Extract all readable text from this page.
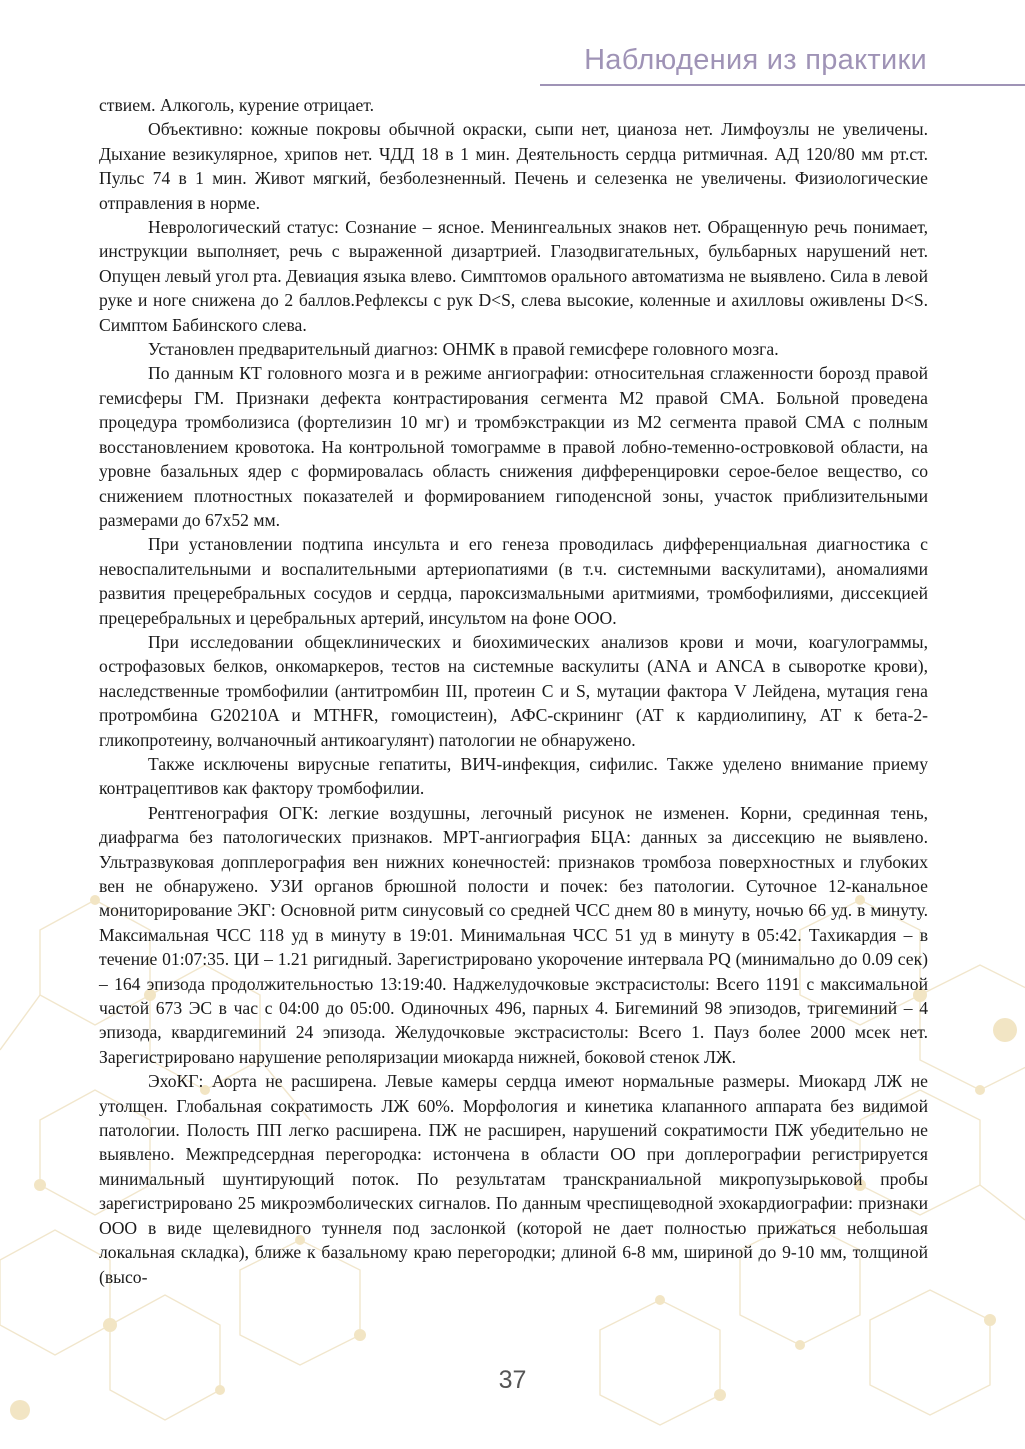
Наблюдения из практики

ствием. Алкоголь, курение отрицает.

Объективно: кожные покровы обычной окраски, сыпи нет, цианоза нет. Лимфоузлы не увеличены. Дыхание везикулярное, хрипов нет. ЧДД 18 в 1 мин. Деятельность сердца ритмичная. АД 120/80 мм рт.ст. Пульс 74 в 1 мин. Живот мягкий, безболезненный. Печень и селезенка не увеличены. Физиологические отправления в норме.

Неврологический статус: Сознание – ясное. Менингеальных знаков нет. Обращенную речь понимает, инструкции выполняет, речь с выраженной дизартрией. Глазодвигательных, бульбарных нарушений нет. Опущен левый угол рта. Девиация языка влево. Симптомов орального автоматизма не выявлено. Сила в левой руке и ноге снижена до 2 баллов.Рефлексы с рук D<S, слева высокие, коленные и ахилловы оживлены D<S. Симптом Бабинского слева.

Установлен предварительный диагноз: ОНМК в правой гемисфере головного мозга.

По данным КТ головного мозга и в режиме ангиографии: относительная сглаженности борозд правой гемисферы ГМ. Признаки дефекта контрастирования сегмента М2 правой СМА. Больной проведена процедура тромболизиса (фортелизин 10 мг) и тромбэкстракции из М2 сегмента правой СМА с полным восстановлением кровотока. На контрольной томограмме в правой лобно-теменно-островковой области, на уровне базальных ядер с формировалась область снижения дифференцировки серое-белое вещество, со снижением плотностных показателей и формированием гиподенсной зоны, участок приблизительными размерами до 67х52 мм.

При установлении подтипа инсульта и его генеза проводилась дифференциальная диагностика с невоспалительными и воспалительными артериопатиями (в т.ч. системными васкулитами), аномалиями развития прецеребральных сосудов и сердца, пароксизмальными аритмиями, тромбофилиями, диссекцией прецеребральных и церебральных артерий, инсультом на фоне ООО.

При исследовании общеклинических и биохимических анализов крови и мочи, коагулограммы, острофазовых белков, онкомаркеров, тестов на системные васкулиты (ANA и ANCA в сыворотке крови), наследственные тромбофилии (антитромбин III, протеин С и S, мутации фактора V Лейдена, мутация гена протромбина G20210A и MTHFR, гомоцистеин), АФС-скрининг (АТ к кардиолипину, АТ к бета-2-гликопротеину, волчаночный антикоагулянт) патологии не обнаружено.

Также исключены вирусные гепатиты, ВИЧ-инфекция, сифилис. Также уделено внимание приему контрацептивов как фактору тромбофилии.

Рентгенография ОГК: легкие воздушны, легочный рисунок не изменен. Корни, срединная тень, диафрагма без патологических признаков. МРТ-ангиография БЦА: данных за диссекцию не выявлено. Ультразвуковая допплерография вен нижних конечностей: признаков тромбоза поверхностных и глубоких вен не обнаружено. УЗИ органов брюшной полости и почек: без патологии. Суточное 12-канальное мониторирование ЭКГ: Основной ритм синусовый со средней ЧСС днем 80 в минуту, ночью 66 уд. в минуту. Максимальная ЧСС 118 уд в минуту в 19:01. Минимальная ЧСС 51 уд в минуту в 05:42. Тахикардия – в течение 01:07:35. ЦИ – 1.21 ригидный. Зарегистрировано укорочение интервала PQ (минимально до 0.09 сек) – 164 эпизода продолжительностью 13:19:40. Наджелудочковые экстрасистолы: Всего 1191 с максимальной частой 673 ЭС в час с 04:00 до 05:00. Одиночных 496, парных 4. Бигеминий 98 эпизодов, тригеминий – 4 эпизода, квардигеминий 24 эпизода. Желудочковые экстрасистолы: Всего 1. Пауз более 2000 мсек нет. Зарегистрировано нарушение реполяризации миокарда нижней, боковой стенок ЛЖ.

ЭхоКГ: Аорта не расширена. Левые камеры сердца имеют нормальные размеры. Миокард ЛЖ не утолщен. Глобальная сократимость ЛЖ 60%. Морфология и кинетика клапанного аппарата без видимой патологии. Полость ПП легко расширена. ПЖ не расширен, нарушений сократимости ПЖ убедительно не выявлено. Межпредсердная перегородка: истончена в области ОО при доплерографии регистрируется минимальный шунтирующий поток. По результатам транскраниальной микропузырьковой пробы зарегистрировано 25 микроэмболических сигналов. По данным чреспищеводной эхокардиографии: признаки ООО в виде щелевидного туннеля под заслонкой (которой не дает полностью прижаться небольшая локальная складка), ближе к базальному краю перегородки; длиной 6-8 мм, шириной до 9-10 мм, толщиной (высо-

37
